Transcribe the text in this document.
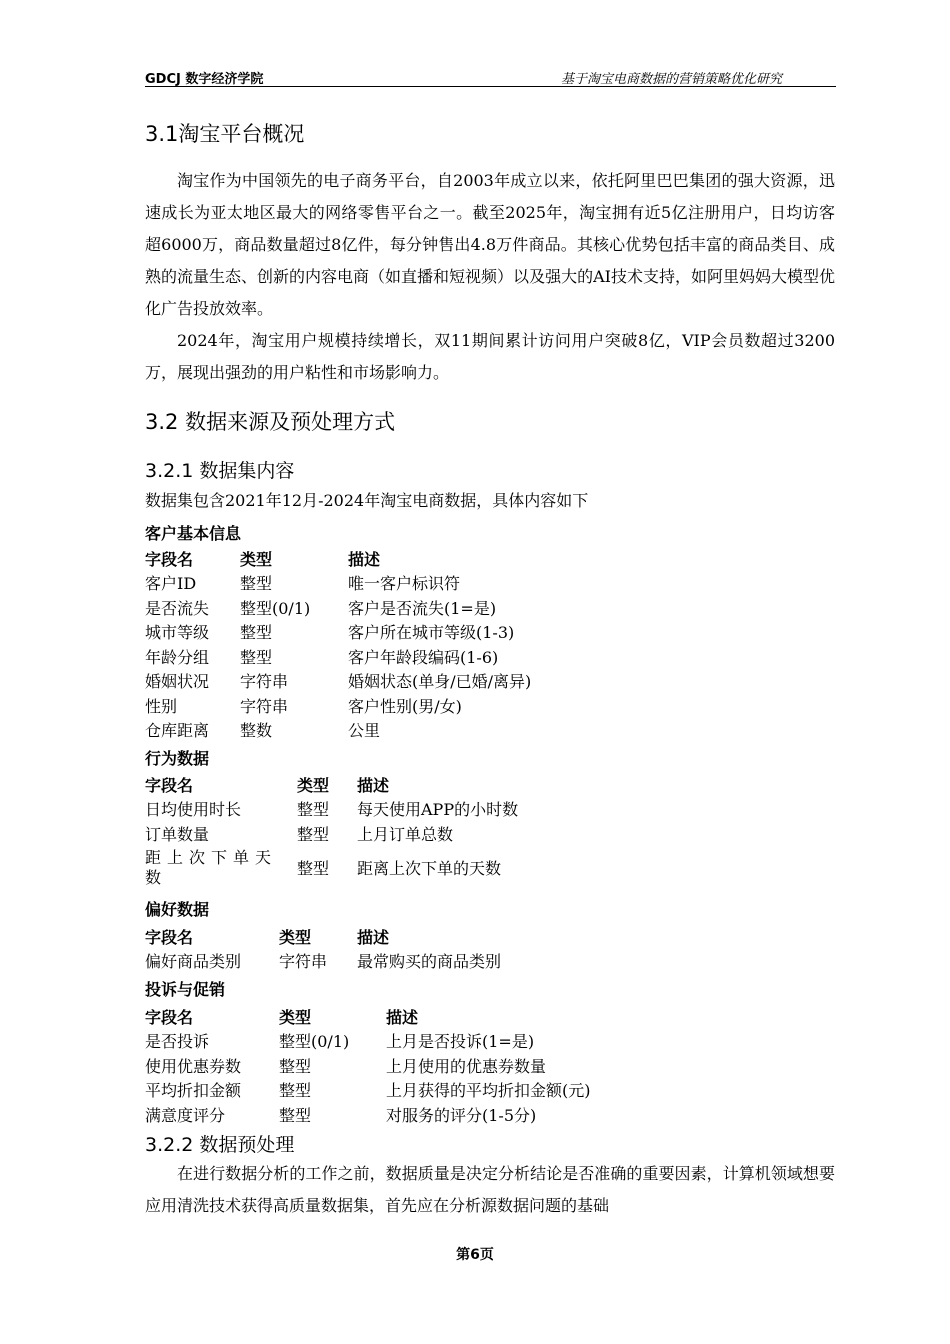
GDCJ 数字经济学院	基于淘宝电商数据的营销策略优化研究
3.1淘宝平台概况

淘宝作为中国领先的电子商务平台，自2003年成立以来，依托阿里巴巴集团的强大资源，迅速成长为亚太地区最大的网络零售平台之一。截至2025年，淘宝拥有近5亿注册用户，日均访客超6000万，商品数量超过8亿件，每分钟售出4.8万件商品。其核心优势包括丰富的商品类目、成熟的流量生态、创新的内容电商（如直播和短视频）以及强大的AI技术支持，如阿里妈妈大模型优化广告投放效率。

2024年，淘宝用户规模持续增长，双11期间累计访问用户突破8亿，VIP会员数超过3200万，展现出强劲的用户粘性和市场影响力。

3.2 数据来源及预处理方式
3.2.1 数据集内容
数据集包含2021年12月-2024年淘宝电商数据，具体内容如下
客户基本信息
字段名	类型	描述
客户ID	整型	唯一客户标识符
是否流失	整型(0/1)	客户是否流失(1=是)
城市等级	整型	客户所在城市等级(1-3)
年龄分组	整型	客户年龄段编码(1-6)
婚姻状况	字符串	婚姻状态(单身/已婚/离异)
性别	字符串	客户性别(男/女)
仓库距离	整数	公里
行为数据
字段名	类型	描述
日均使用时长	整型	每天使用APP的小时数
订单数量	整型	上月订单总数
距上次下单天数	整型	距离上次下单的天数
偏好数据
字段名	类型	描述
偏好商品类别	字符串	最常购买的商品类别
投诉与促销
字段名	类型	描述
是否投诉	整型(0/1)	上月是否投诉(1=是)
使用优惠券数	整型	上月使用的优惠券数量
平均折扣金额	整型	上月获得的平均折扣金额(元)
满意度评分	整型	对服务的评分(1-5分)
3.2.2 数据预处理

在进行数据分析的工作之前，数据质量是决定分析结论是否准确的重要因素，计算机领域想要应用清洗技术获得高质量数据集，首先应在分析源数据问题的基础

第6页
